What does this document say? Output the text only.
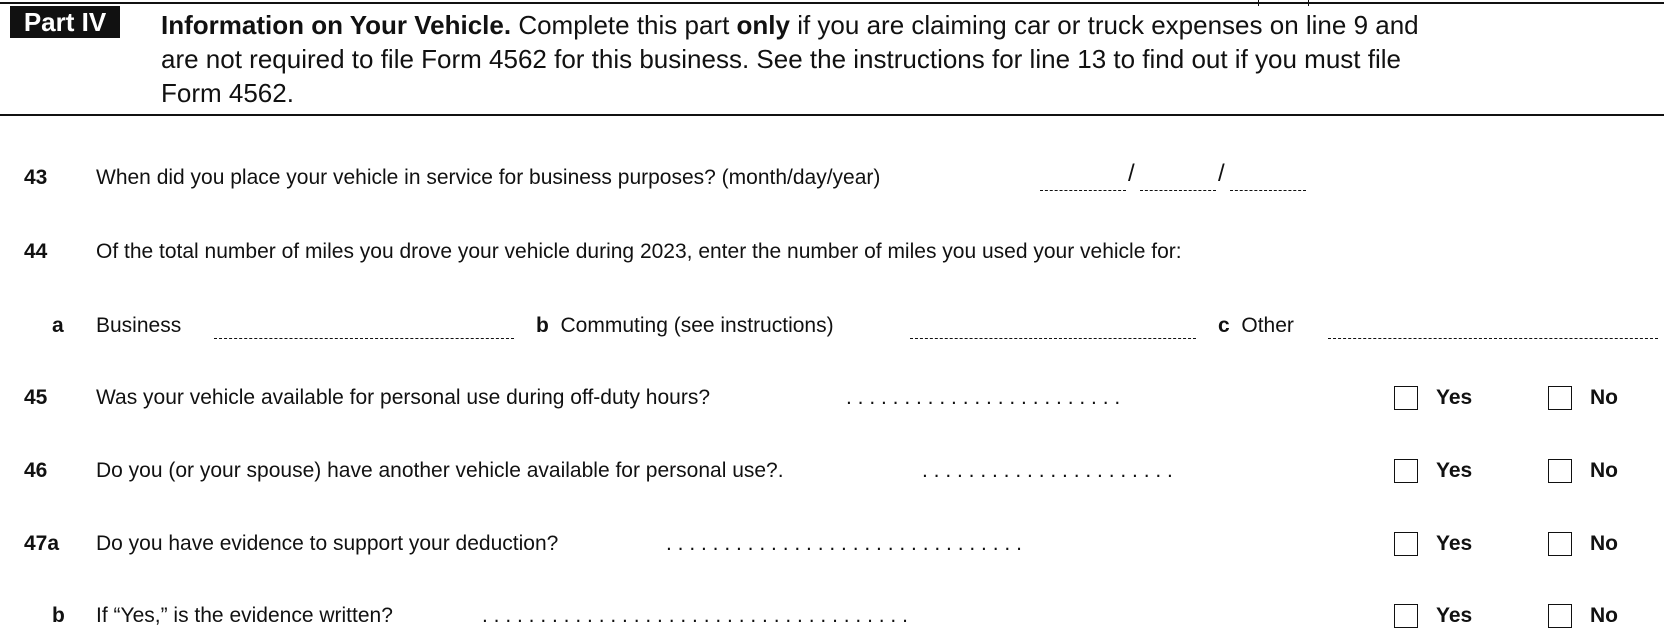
Part IV	Information on Your Vehicle. Complete this part only if you are claiming car or truck expenses on line 9 and
are not required to file Form 4562 for this business. See the instructions for line 13 to find out if you must file
Form 4562.
43 When did you place your vehicle in service for business purposes? (month/day/year)	/	/
44 Of the total number of miles you drove your vehicle during 2023, enter the number of miles you used your vehicle for:
a Business	b Commuting (see instructions)	c Other
45 Was your vehicle available for personal use during off-duty hours?	. . . . . . . . . . . . . . . . . . . . . . . .	Yes	No
46 Do you (or your spouse) have another vehicle available for personal use?.	. . . . . . . . . . . . . . . . . . . . . .	Yes	No
47a Do you have evidence to support your deduction?	. . . . . . . . . . . . . . . . . . . . . . . . . . . . . . .	Yes	No
b If “Yes,” is the evidence written?	. . . . . . . . . . . . . . . . . . . . . . . . . . . . . . . . . . . . .	Yes	No
